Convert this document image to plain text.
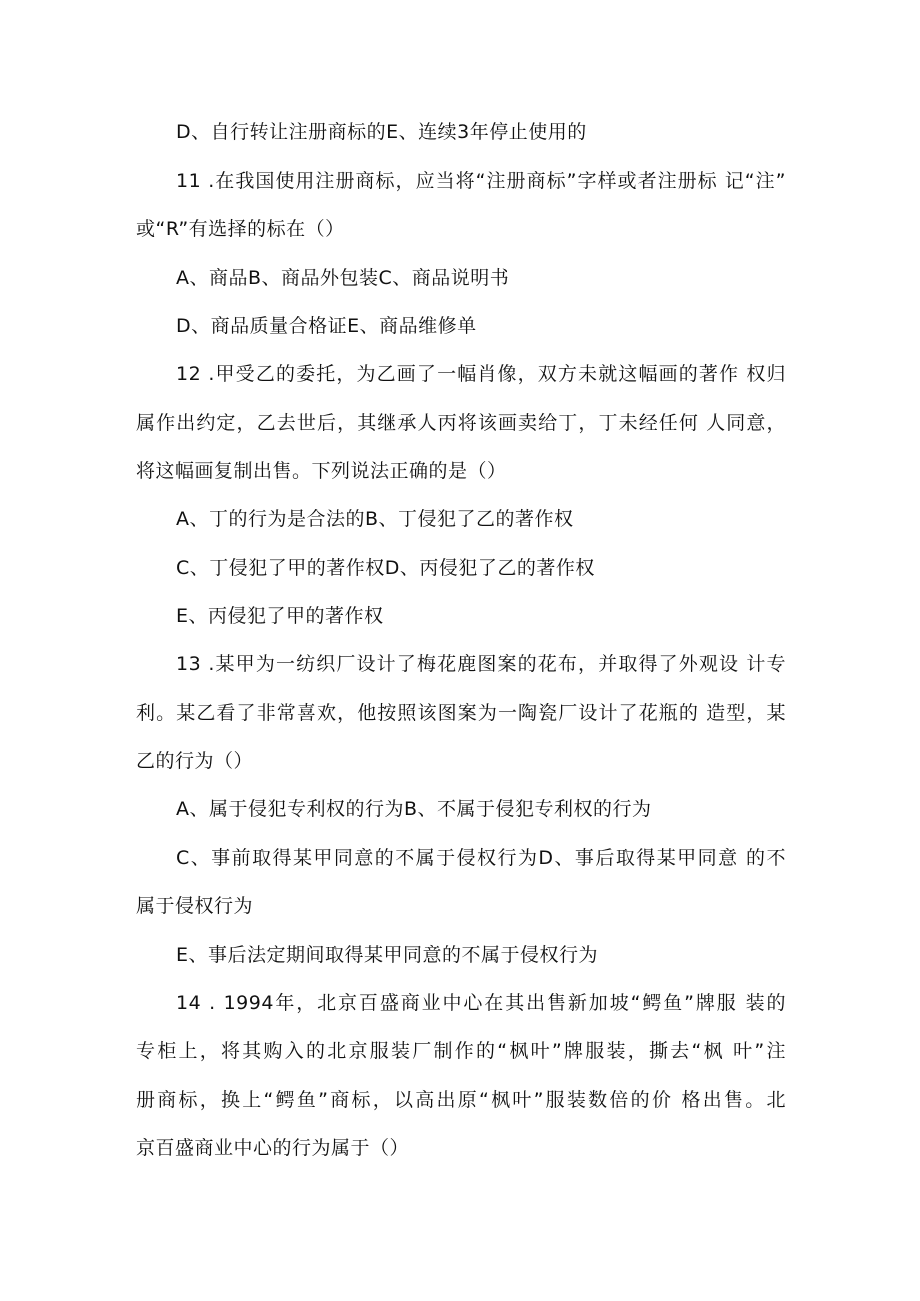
D、自行转让注册商标的E、连续3年停止使用的
11 .在我国使用注册商标，应当将“注册商标”字样或者注册标 记“注”
或“R”有选择的标在（）
A、商品B、商品外包装C、商品说明书
D、商品质量合格证E、商品维修单
12 .甲受乙的委托，为乙画了一幅肖像，双方未就这幅画的著作 权归
属作出约定，乙去世后，其继承人丙将该画卖给丁，丁未经任何 人同意，
将这幅画复制出售。下列说法正确的是（）
A、丁的行为是合法的B、丁侵犯了乙的著作权
C、丁侵犯了甲的著作权D、丙侵犯了乙的著作权
E、丙侵犯了甲的著作权
13 .某甲为一纺织厂设计了梅花鹿图案的花布，并取得了外观设 计专
利。某乙看了非常喜欢，他按照该图案为一陶瓷厂设计了花瓶的 造型，某
乙的行为（）
A、属于侵犯专利权的行为B、不属于侵犯专利权的行为
C、事前取得某甲同意的不属于侵权行为D、事后取得某甲同意 的不
属于侵权行为
E、事后法定期间取得某甲同意的不属于侵权行为
14 . 1994年，北京百盛商业中心在其出售新加坡“鳄鱼”牌服 装的
专柜上，将其购入的北京服装厂制作的“枫叶”牌服装，撕去“枫 叶”注
册商标，换上“鳄鱼”商标，以高出原“枫叶”服装数倍的价 格出售。北
京百盛商业中心的行为属于（）
